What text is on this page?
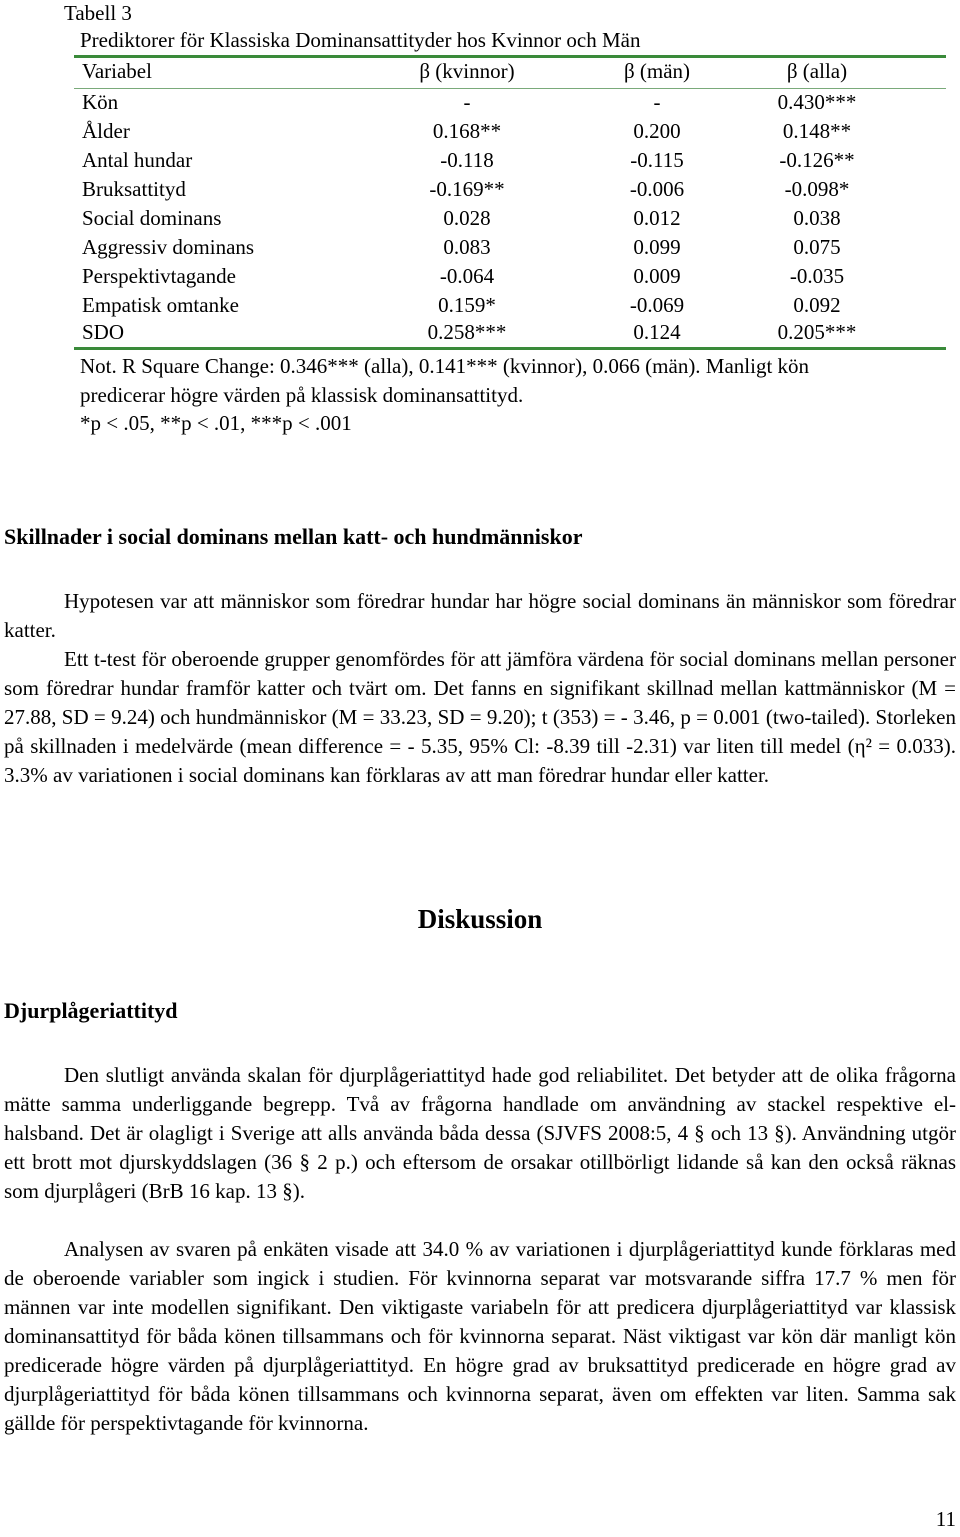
Tabell 3
Prediktorer för Klassiska Dominansattityder hos Kvinnor och Män
Variabel	β (kvinnor)	β (män)	β (alla)
Kön	-	-	0.430***
Ålder	0.168**	0.200	0.148**
Antal hundar	-0.118	-0.115	-0.126**
Bruksattityd	-0.169**	-0.006	-0.098*
Social dominans	0.028	0.012	0.038
Aggressiv dominans	0.083	0.099	0.075
Perspektivtagande	-0.064	0.009	-0.035
Empatisk omtanke	0.159*	-0.069	0.092
SDO	0.258***	0.124	0.205***
Not. R Square Change: 0.346*** (alla), 0.141*** (kvinnor), 0.066 (män). Manligt kön
predicerar högre värden på klassisk dominansattityd.
*p < .05, **p < .01, ***p < .001
Skillnader i social dominans mellan katt- och hundmänniskor
Hypotesen var att människor som föredrar hundar har högre social dominans än människor som föredrar katter.
Ett t-test för oberoende grupper genomfördes för att jämföra värdena för social dominans mellan personer som föredrar hundar framför katter och tvärt om. Det fanns en signifikant skillnad mellan kattmänniskor (M = 27.88, SD = 9.24) och hundmänniskor (M = 33.23, SD = 9.20); t (353) = - 3.46, p = 0.001 (two-tailed). Storleken på skillnaden i medelvärde (mean difference = - 5.35, 95% Cl: -8.39 till -2.31) var liten till medel (η² = 0.033). 3.3% av variationen i social dominans kan förklaras av att man föredrar hundar eller katter.
Diskussion
Djurplågeriattityd
Den slutligt använda skalan för djurplågeriattityd hade god reliabilitet. Det betyder att de olika frågorna mätte samma underliggande begrepp. Två av frågorna handlade om användning av stackel respektive el-halsband. Det är olagligt i Sverige att alls använda båda dessa (SJVFS 2008:5, 4 § och 13 §). Användning utgör ett brott mot djurskyddslagen (36 § 2 p.) och eftersom de orsakar otillbörligt lidande så kan den också räknas som djurplågeri (BrB 16 kap. 13 §).
Analysen av svaren på enkäten visade att 34.0 % av variationen i djurplågeriattityd kunde förklaras med de oberoende variabler som ingick i studien. För kvinnorna separat var motsvarande siffra 17.7 % men för männen var inte modellen signifikant. Den viktigaste variabeln för att predicera djurplågeriattityd var klassisk dominansattityd för båda könen tillsammans och för kvinnorna separat. Näst viktigast var kön där manligt kön predicerade högre värden på djurplågeriattityd. En högre grad av bruksattityd predicerade en högre grad av djurplågeriattityd för båda könen tillsammans och kvinnorna separat, även om effekten var liten. Samma sak gällde för perspektivtagande för kvinnorna.
11
